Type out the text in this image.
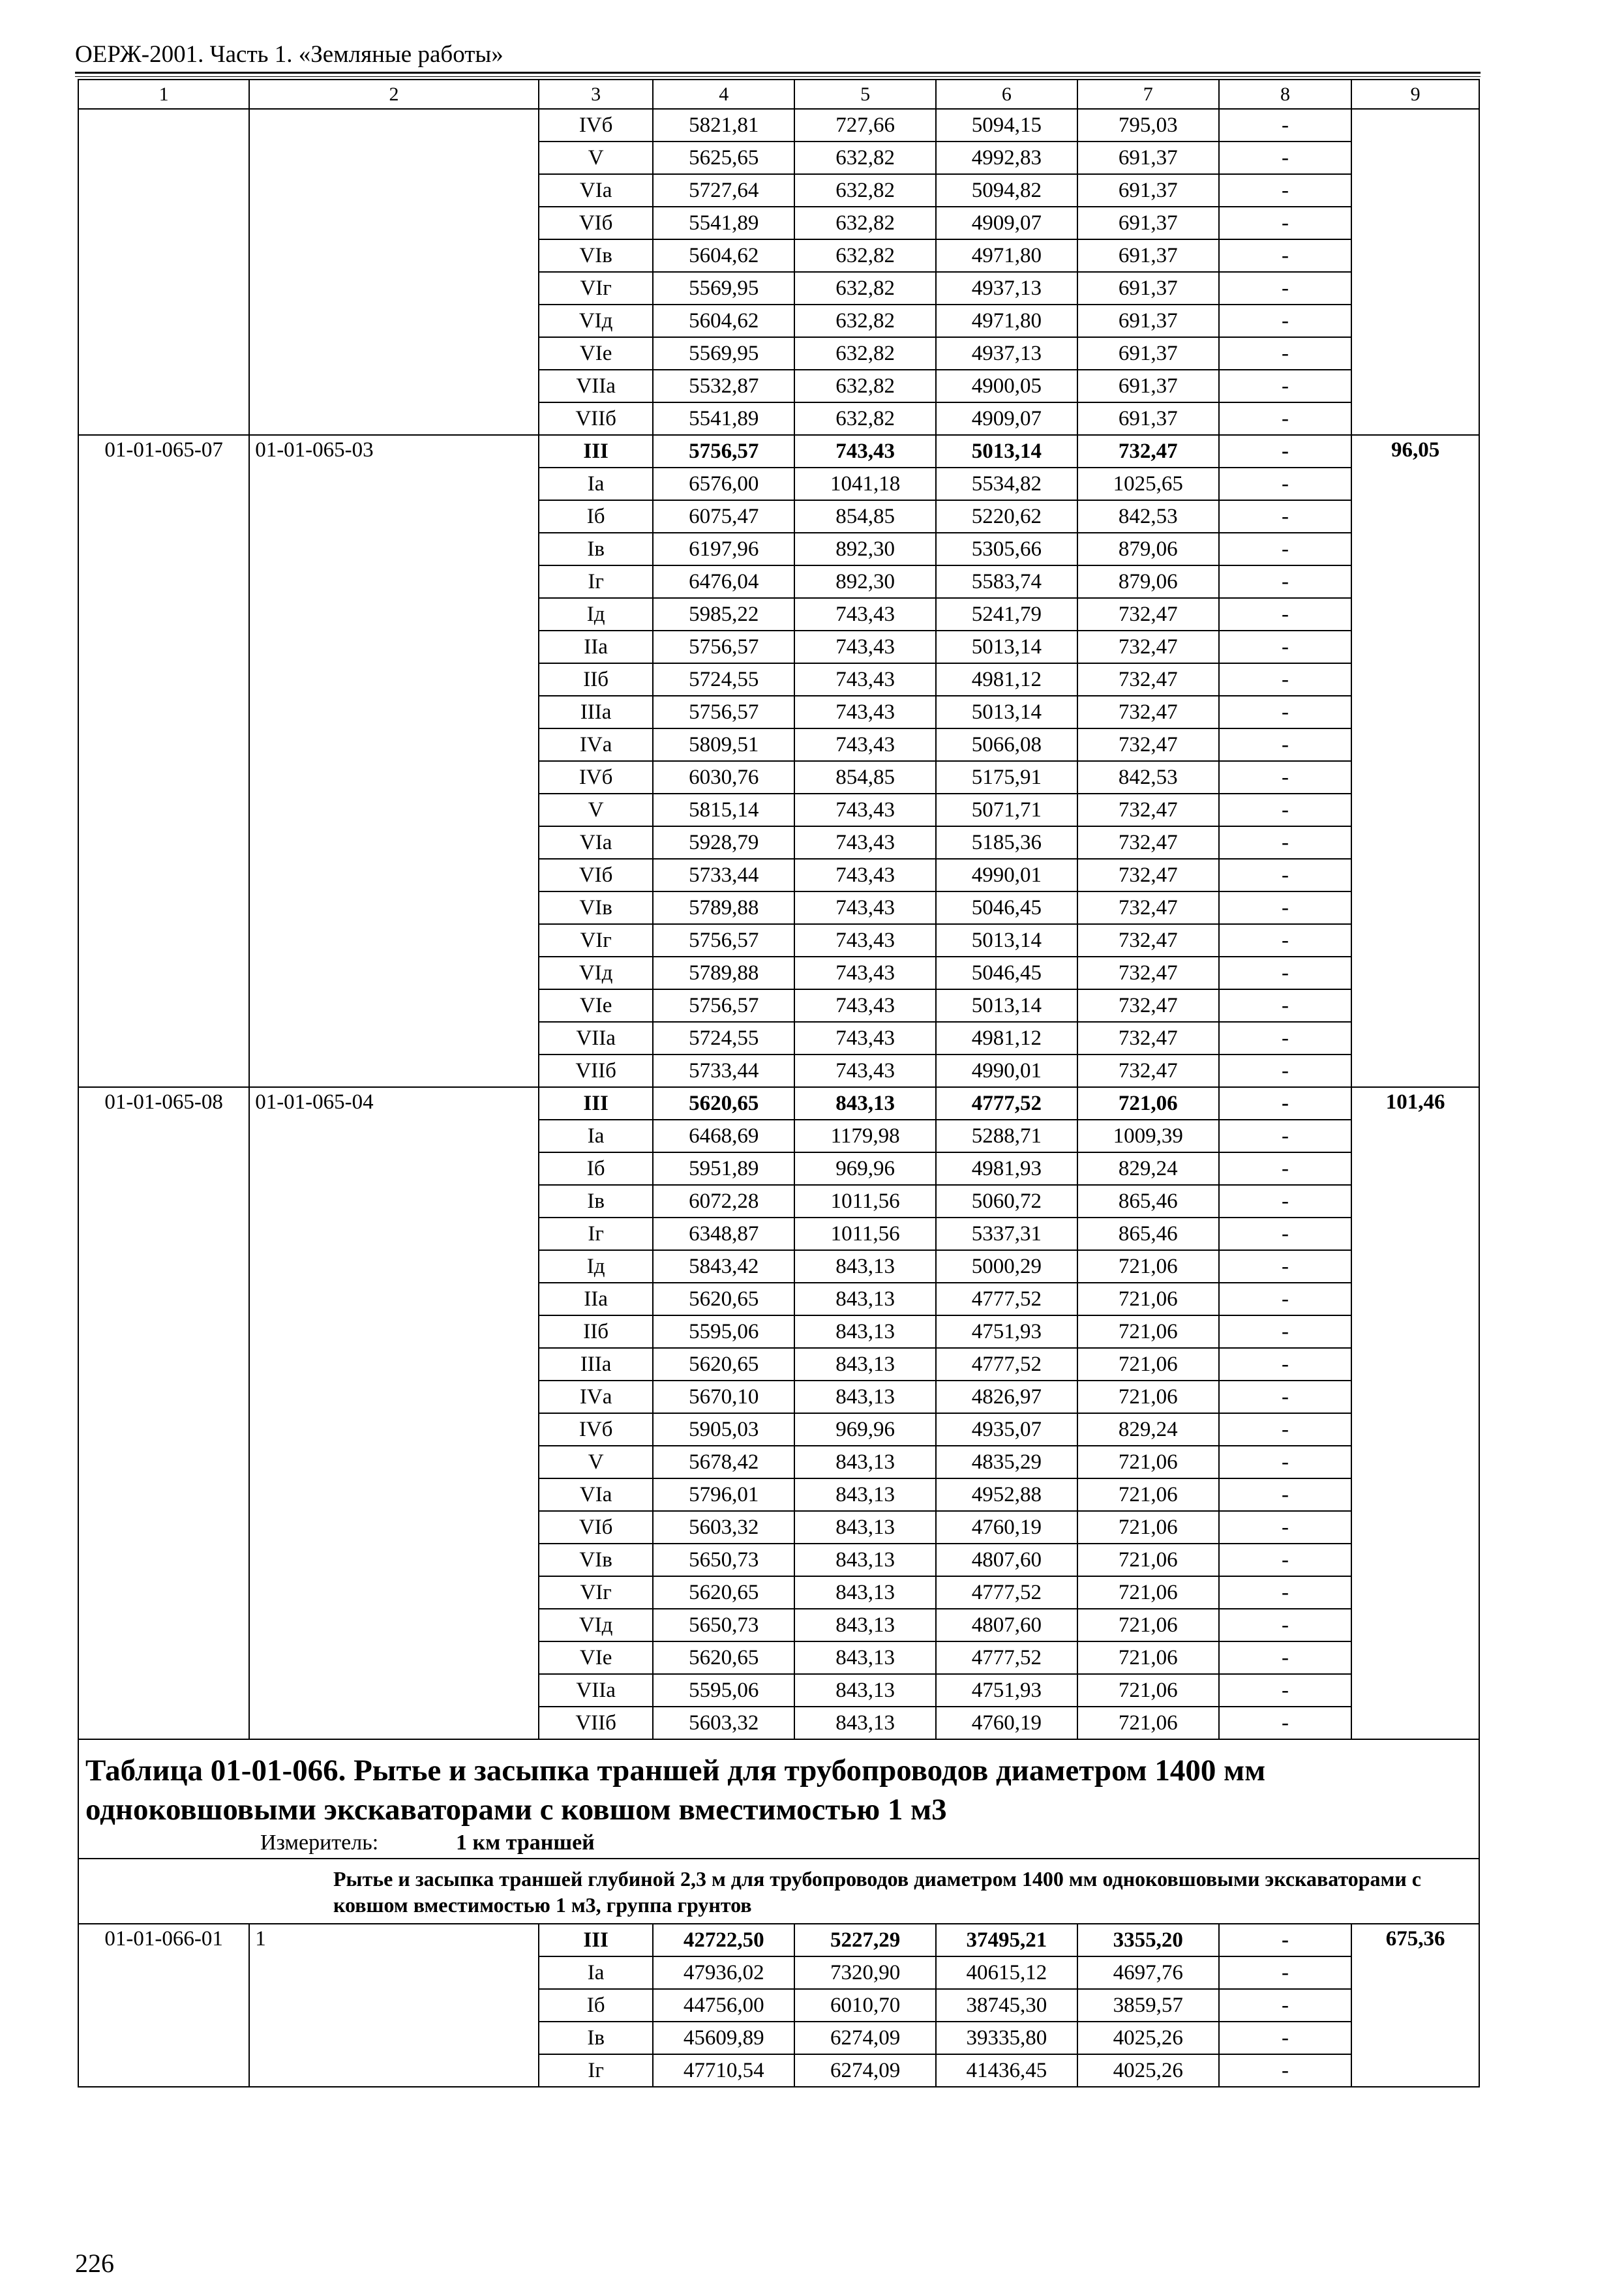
ОЕРЖ-2001. Часть 1. «Земляные работы»
1	2	3	4	5	6	7	8	9
		IVб	5821,81	727,66	5094,15	795,03	-	
		V	5625,65	632,82	4992,83	691,37	-	
		VIа	5727,64	632,82	5094,82	691,37	-	
		VIб	5541,89	632,82	4909,07	691,37	-	
		VIв	5604,62	632,82	4971,80	691,37	-	
		VIг	5569,95	632,82	4937,13	691,37	-	
		VIд	5604,62	632,82	4971,80	691,37	-	
		VIе	5569,95	632,82	4937,13	691,37	-	
		VIIа	5532,87	632,82	4900,05	691,37	-	
		VIIб	5541,89	632,82	4909,07	691,37	-	
01-01-065-07	01-01-065-03	III	5756,57	743,43	5013,14	732,47	-	96,05
		Iа	6576,00	1041,18	5534,82	1025,65	-	
		Iб	6075,47	854,85	5220,62	842,53	-	
		Iв	6197,96	892,30	5305,66	879,06	-	
		Iг	6476,04	892,30	5583,74	879,06	-	
		Iд	5985,22	743,43	5241,79	732,47	-	
		IIа	5756,57	743,43	5013,14	732,47	-	
		IIб	5724,55	743,43	4981,12	732,47	-	
		IIIа	5756,57	743,43	5013,14	732,47	-	
		IVа	5809,51	743,43	5066,08	732,47	-	
		IVб	6030,76	854,85	5175,91	842,53	-	
		V	5815,14	743,43	5071,71	732,47	-	
		VIа	5928,79	743,43	5185,36	732,47	-	
		VIб	5733,44	743,43	4990,01	732,47	-	
		VIв	5789,88	743,43	5046,45	732,47	-	
		VIг	5756,57	743,43	5013,14	732,47	-	
		VIд	5789,88	743,43	5046,45	732,47	-	
		VIе	5756,57	743,43	5013,14	732,47	-	
		VIIа	5724,55	743,43	4981,12	732,47	-	
		VIIб	5733,44	743,43	4990,01	732,47	-	
01-01-065-08	01-01-065-04	III	5620,65	843,13	4777,52	721,06	-	101,46
		Iа	6468,69	1179,98	5288,71	1009,39	-	
		Iб	5951,89	969,96	4981,93	829,24	-	
		Iв	6072,28	1011,56	5060,72	865,46	-	
		Iг	6348,87	1011,56	5337,31	865,46	-	
		Iд	5843,42	843,13	5000,29	721,06	-	
		IIа	5620,65	843,13	4777,52	721,06	-	
		IIб	5595,06	843,13	4751,93	721,06	-	
		IIIа	5620,65	843,13	4777,52	721,06	-	
		IVа	5670,10	843,13	4826,97	721,06	-	
		IVб	5905,03	969,96	4935,07	829,24	-	
		V	5678,42	843,13	4835,29	721,06	-	
		VIа	5796,01	843,13	4952,88	721,06	-	
		VIб	5603,32	843,13	4760,19	721,06	-	
		VIв	5650,73	843,13	4807,60	721,06	-	
		VIг	5620,65	843,13	4777,52	721,06	-	
		VIд	5650,73	843,13	4807,60	721,06	-	
		VIе	5620,65	843,13	4777,52	721,06	-	
		VIIа	5595,06	843,13	4751,93	721,06	-	
		VIIб	5603,32	843,13	4760,19	721,06	-	

Таблица 01-01-066. Рытье и засыпка траншей для трубопроводов диаметром 1400 мм одноковшовыми экскаваторами с ковшом вместимостью 1 м3
Измеритель: 1 км траншей								

Рытье и засыпка траншей глубиной 2,3 м для трубопроводов диаметром 1400 мм одноковшовыми экскаваторами с ковшом вместимостью 1 м3, группа грунтов								
01-01-066-01	1	III	42722,50	5227,29	37495,21	3355,20	-	675,36
		Iа	47936,02	7320,90	40615,12	4697,76	-	
		Iб	44756,00	6010,70	38745,30	3859,57	-	
		Iв	45609,89	6274,09	39335,80	4025,26	-	
		Iг	47710,54	6274,09	41436,45	4025,26	-	
226
